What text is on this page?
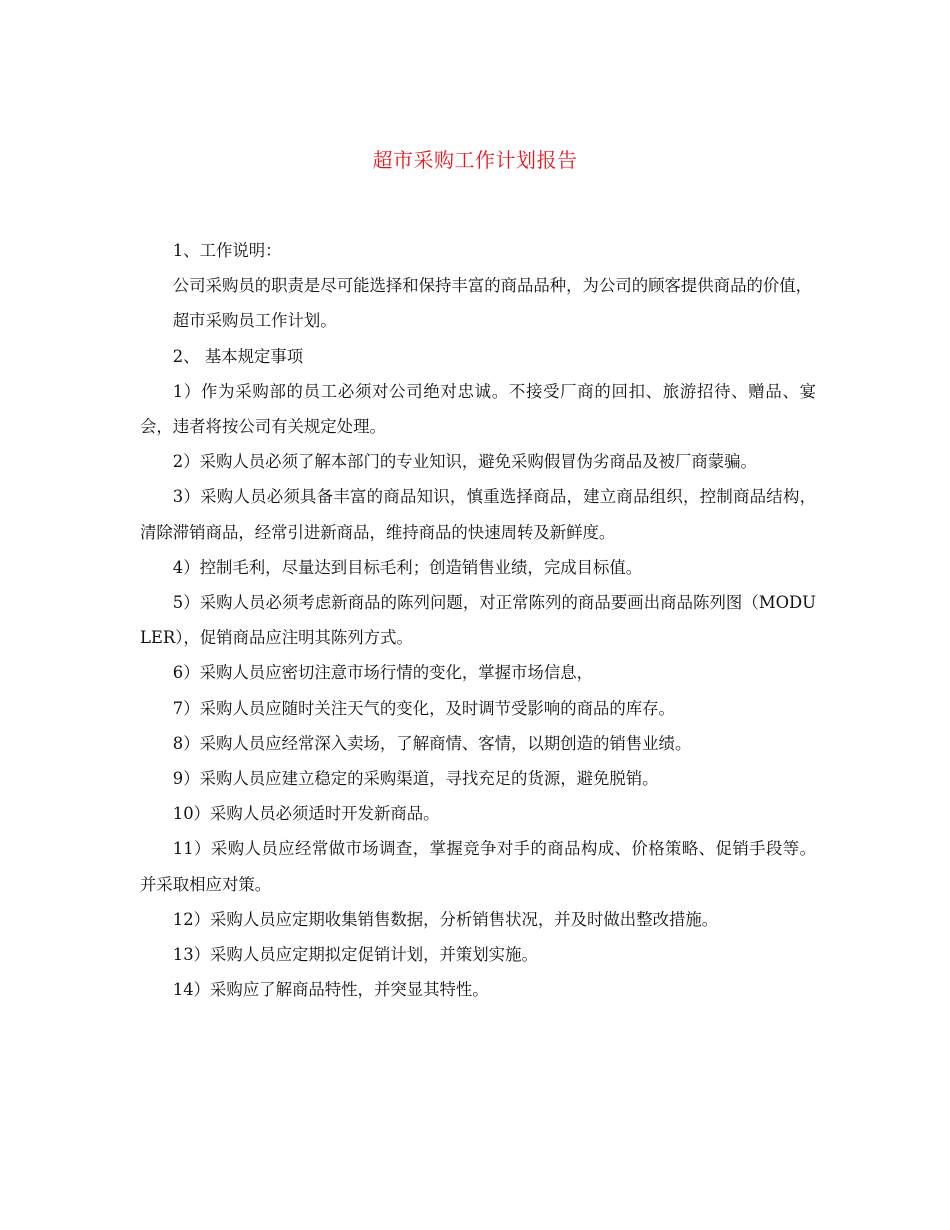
超市采购工作计划报告

1、工作说明：

公司采购员的职责是尽可能选择和保持丰富的商品品种，为公司的顾客提供商品的价值，

超市采购员工作计划。

2、 基本规定事项

1）作为采购部的员工必须对公司绝对忠诚。不接受厂商的回扣、旅游招待、赠品、宴会，违者将按公司有关规定处理。

2）采购人员必须了解本部门的专业知识，避免采购假冒伪劣商品及被厂商蒙骗。

3）采购人员必须具备丰富的商品知识，慎重选择商品，建立商品组织，控制商品结构，清除滞销商品，经常引进新商品，维持商品的快速周转及新鲜度。

4）控制毛利，尽量达到目标毛利；创造销售业绩，完成目标值。

5）采购人员必须考虑新商品的陈列问题，对正常陈列的商品要画出商品陈列图（MODULER），促销商品应注明其陈列方式。

6）采购人员应密切注意市场行情的变化，掌握市场信息，

7）采购人员应随时关注天气的变化，及时调节受影响的商品的库存。

8）采购人员应经常深入卖场，了解商情、客情，以期创造的销售业绩。

9）采购人员应建立稳定的采购渠道，寻找充足的货源，避免脱销。

10）采购人员必须适时开发新商品。

11）采购人员应经常做市场调查，掌握竞争对手的商品构成、价格策略、促销手段等。并采取相应对策。

12）采购人员应定期收集销售数据，分析销售状况，并及时做出整改措施。

13）采购人员应定期拟定促销计划，并策划实施。

14）采购应了解商品特性，并突显其特性。
